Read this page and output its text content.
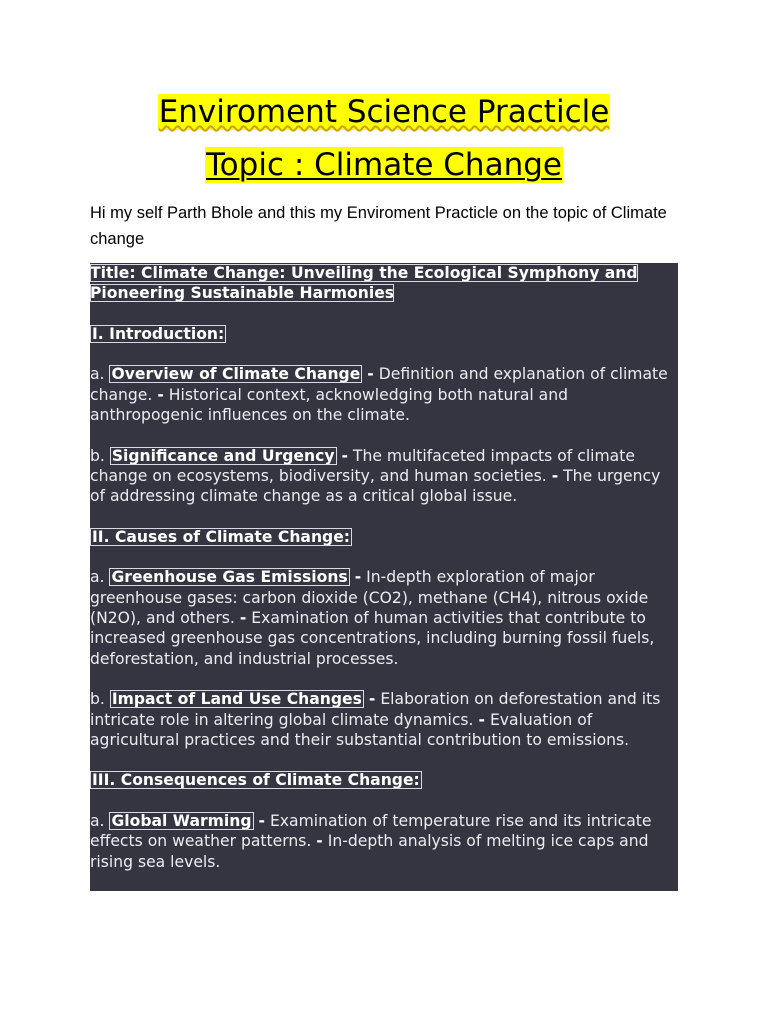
Enviroment Science Practicle
Topic : Climate Change
Hi my self Parth Bhole and this my Enviroment Practicle on the topic of Climate change

Title: Climate Change: Unveiling the Ecological Symphony and Pioneering Sustainable Harmonies

I. Introduction:

a. Overview of Climate Change - Definition and explanation of climate change. - Historical context, acknowledging both natural and anthropogenic influences on the climate.

b. Significance and Urgency - The multifaceted impacts of climate change on ecosystems, biodiversity, and human societies. - The urgency of addressing climate change as a critical global issue.

II. Causes of Climate Change:

a. Greenhouse Gas Emissions - In-depth exploration of major greenhouse gases: carbon dioxide (CO2), methane (CH4), nitrous oxide (N2O), and others. - Examination of human activities that contribute to increased greenhouse gas concentrations, including burning fossil fuels, deforestation, and industrial processes.

b. Impact of Land Use Changes - Elaboration on deforestation and its intricate role in altering global climate dynamics. - Evaluation of agricultural practices and their substantial contribution to emissions.

III. Consequences of Climate Change:

a. Global Warming - Examination of temperature rise and its intricate effects on weather patterns. - In-depth analysis of melting ice caps and rising sea levels.
